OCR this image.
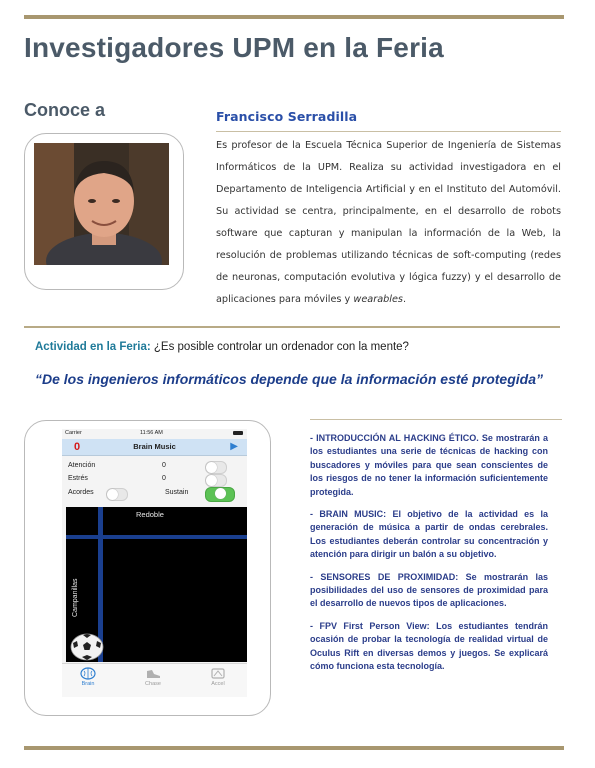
Investigadores UPM en la Feria
Conoce a	Francisco Serradilla
Es profesor de la Escuela Técnica Superior de Ingeniería de Sistemas Informáticos de la UPM. Realiza su actividad investigadora en el Departamento de Inteligencia Artificial y en el Instituto del Automóvil. Su actividad se centra, principalmente, en el desarrollo de robots software que capturan y manipulan la información de la Web, la resolución de problemas utilizando técnicas de soft-computing (redes de neuronas, computación evolutiva y lógica fuzzy) y el desarrollo de aplicaciones para móviles y wearables.
Actividad en la Feria: ¿Es posible controlar un ordenador con la mente?

“De los ingenieros informáticos depende que la información esté protegida”

Carrier	11:56 AM
0	Brain Music	▶
Atención	0
Estrés	0
Acordes	Sustain
Redoble
Campanillas
Brain	Chase	Accel

- INTRODUCCIÓN AL HACKING ÉTICO. Se mostrarán a los estudiantes una serie de técnicas de hacking con buscadores y móviles para que sean conscientes de los riesgos de no tener la información suficientemente protegida.

- BRAIN MUSIC: El objetivo de la actividad es la generación de música a partir de ondas cerebrales. Los estudiantes deberán controlar su concentración y atención para dirigir un balón a su objetivo.

- SENSORES DE PROXIMIDAD: Se mostrarán las posibilidades del uso de sensores de proximidad para el desarrollo de nuevos tipos de aplicaciones.

- FPV First Person View: Los estudiantes tendrán ocasión de probar la tecnología de realidad virtual de Oculus Rift en diversas demos y juegos. Se explicará cómo funciona esta tecnología.
